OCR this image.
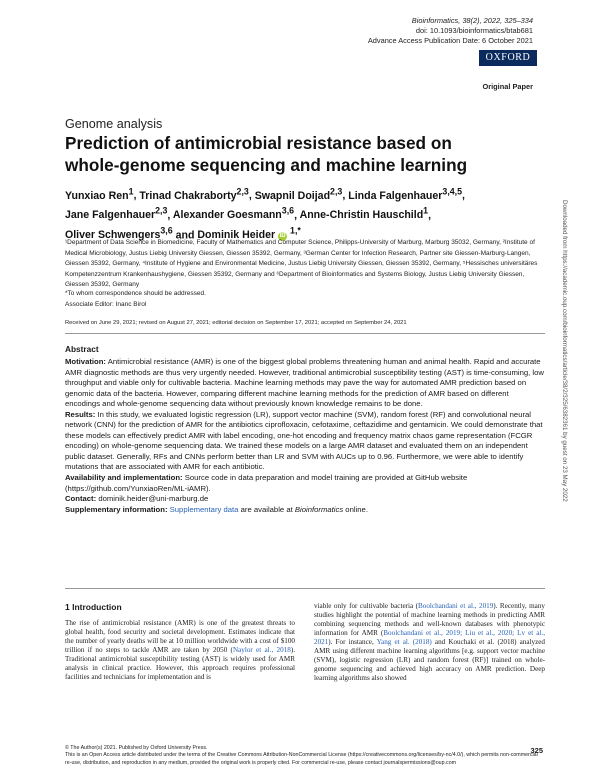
Bioinformatics, 38(2), 2022, 325–334
doi: 10.1093/bioinformatics/btab681
Advance Access Publication Date: 6 October 2021
OXFORD
Original Paper
Genome analysis
Prediction of antimicrobial resistance based on
whole-genome sequencing and machine learning
Yunxiao Ren$^1$, Trinad Chakraborty$^{2,3}$, Swapnil Doijad$^{2,3}$, Linda Falgenhauer$^{3,4,5}$,
Jane Falgenhauer$^{2,3}$, Alexander Goesmann$^{3,6}$, Anne-Christin Hauschild$^1$,
Oliver Schwengers$^{3,6}$ and Dominik Heider iD $^{1,*}$
¹Department of Data Science in Biomedicine, Faculty of Mathematics and Computer Science, Philipps-University of Marburg, Marburg 35032, Germany, ²Institute of Medical Microbiology, Justus Liebig University Giessen, Giessen 35392, Germany, ³German Center for Infection Research, Partner site Giessen-Marburg-Langen, Giessen 35392, Germany, ⁴Institute of Hygiene and Environmental Medicine, Justus Liebig University Giessen, Giessen 35392, Germany, ⁵Hessisches universitäres Kompetenzzentrum Krankenhaushygiene, Giessen 35392, Germany and ⁶Department of Bioinformatics and Systems Biology, Justus Liebig University Giessen, Giessen 35392, Germany
*To whom correspondence should be addressed.
Associate Editor: Inanc Birol
Received on June 29, 2021; revised on August 27, 2021; editorial decision on September 17, 2021; accepted on September 24, 2021
Abstract

Motivation: Antimicrobial resistance (AMR) is one of the biggest global problems threatening human and animal health. Rapid and accurate AMR diagnostic methods are thus very urgently needed. However, traditional antimicrobial susceptibility testing (AST) is time-consuming, low throughput and viable only for cultivable bacteria. Machine learning methods may pave the way for automated AMR prediction based on genomic data of the bacteria. However, comparing different machine learning methods for the prediction of AMR based on different encodings and whole-genome sequencing data without previously known knowledge remains to be done.

Results: In this study, we evaluated logistic regression (LR), support vector machine (SVM), random forest (RF) and convolutional neural network (CNN) for the prediction of AMR for the antibiotics ciprofloxacin, cefotaxime, ceftazidime and gentamicin. We could demonstrate that these models can effectively predict AMR with label encoding, one-hot encoding and frequency matrix chaos game representation (FCGR encoding) on whole-genome sequencing data. We trained these models on a large AMR dataset and evaluated them on an independent public dataset. Generally, RFs and CNNs perform better than LR and SVM with AUCs up to 0.96. Furthermore, we were able to identify mutations that are associated with AMR for each antibiotic.

Availability and implementation: Source code in data preparation and model training are provided at GitHub website (https://github.com/YunxiaoRen/ML-iAMR).

Contact: dominik.heider@uni-marburg.de

Supplementary information: Supplementary data are available at Bioinformatics online.

1 Introduction
The rise of antimicrobial resistance (AMR) is one of the greatest threats to global health, food security and societal development. Estimates indicate that the number of yearly deaths will be at 10 million worldwide with a cost of $100 trillion if no steps to tackle AMR are taken by 2050 (Naylor et al., 2018). Traditional antimicrobial susceptibility testing (AST) is widely used for AMR analysis in clinical practice. However, this approach requires professional facilities and technicians for implementation and is
viable only for cultivable bacteria (Boolchandani et al., 2019). Recently, many studies highlight the potential of machine learning methods in predicting AMR combining sequencing methods and well-known databases with phenotypic information for AMR (Boolchandani et al., 2019; Liu et al., 2020; Lv et al., 2021). For instance, Yang et al. (2018) and Kouchaki et al. (2018) analyzed AMR using different machine learning algorithms [e.g. support vector machine (SVM), logistic regression (LR) and random forest (RF)] trained on whole-genome sequencing and achieved high accuracy on AMR prediction. Deep learning algorithms also showed
© The Author(s) 2021. Published by Oxford University Press.
This is an Open Access article distributed under the terms of the Creative Commons Attribution-NonCommercial License (https://creativecommons.org/licenses/by-nc/4.0/), which permits non-commercial re-use, distribution, and reproduction in any medium, provided the original work is properly cited. For commercial re-use, please contact journalspermissions@oup.com
325
Downloaded from https://academic.oup.com/bioinformatics/article/38/2/325/6382361 by guest on 23 May 2022
